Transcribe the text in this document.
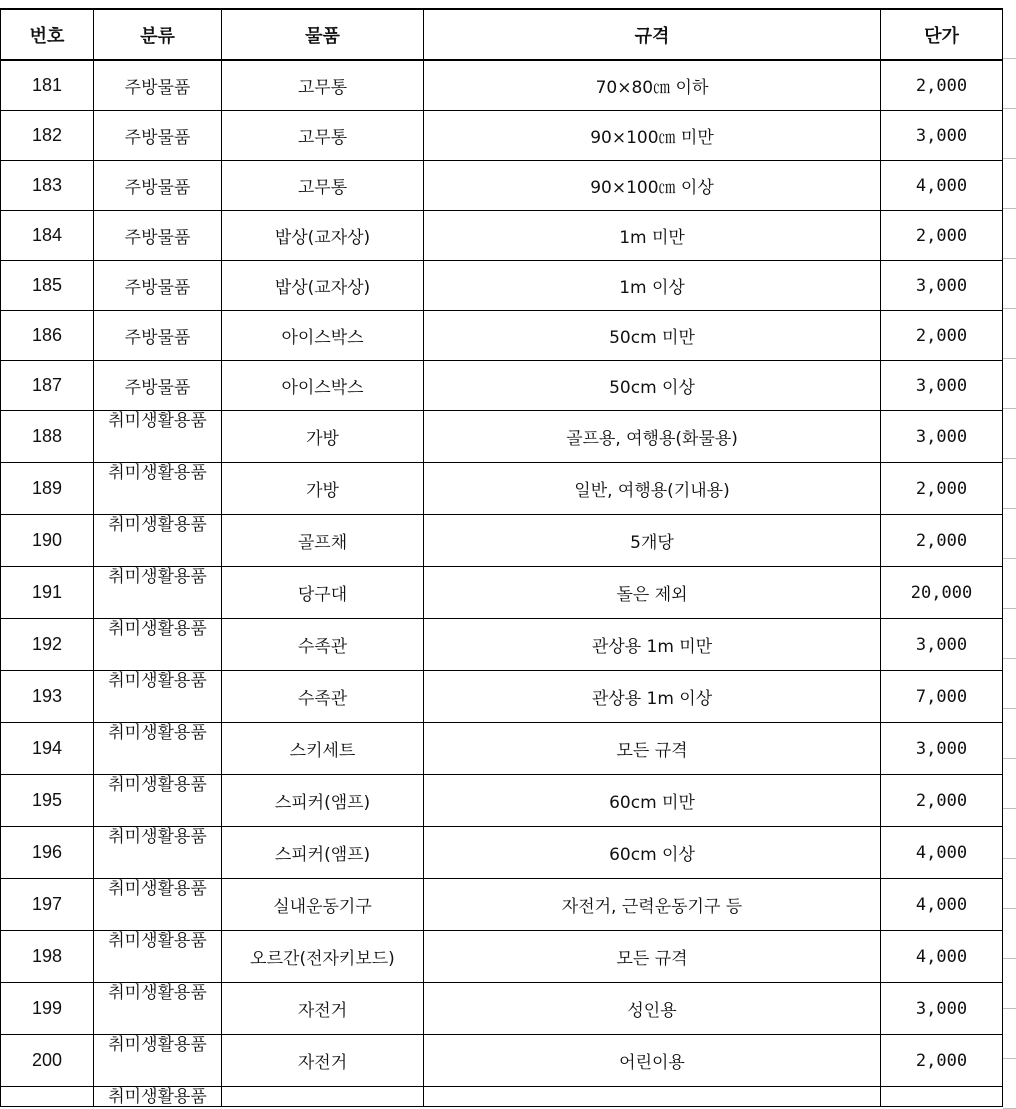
번호	분류	물품	규격	단가
181	주방물품	고무통	70×80㎝ 이하	2,000
182	주방물품	고무통	90×100㎝ 미만	3,000
183	주방물품	고무통	90×100㎝ 이상	4,000
184	주방물품	밥상(교자상)	1m 미만	2,000
185	주방물품	밥상(교자상)	1m 이상	3,000
186	주방물품	아이스박스	50cm 미만	2,000
187	주방물품	아이스박스	50cm 이상	3,000
188	취미생활용품	가방	골프용, 여행용(화물용)	3,000
189	취미생활용품	가방	일반, 여행용(기내용)	2,000
190	취미생활용품	골프채	5개당	2,000
191	취미생활용품	당구대	돌은 제외	20,000
192	취미생활용품	수족관	관상용 1m 미만	3,000
193	취미생활용품	수족관	관상용 1m 이상	7,000
194	취미생활용품	스키세트	모든 규격	3,000
195	취미생활용품	스피커(앰프)	60cm 미만	2,000
196	취미생활용품	스피커(앰프)	60cm 이상	4,000
197	취미생활용품	실내운동기구	자전거, 근력운동기구 등	4,000
198	취미생활용품	오르간(전자키보드)	모든 규격	4,000
199	취미생활용품	자전거	성인용	3,000
200	취미생활용품	자전거	어린이용	2,000

	취미생활용품			
